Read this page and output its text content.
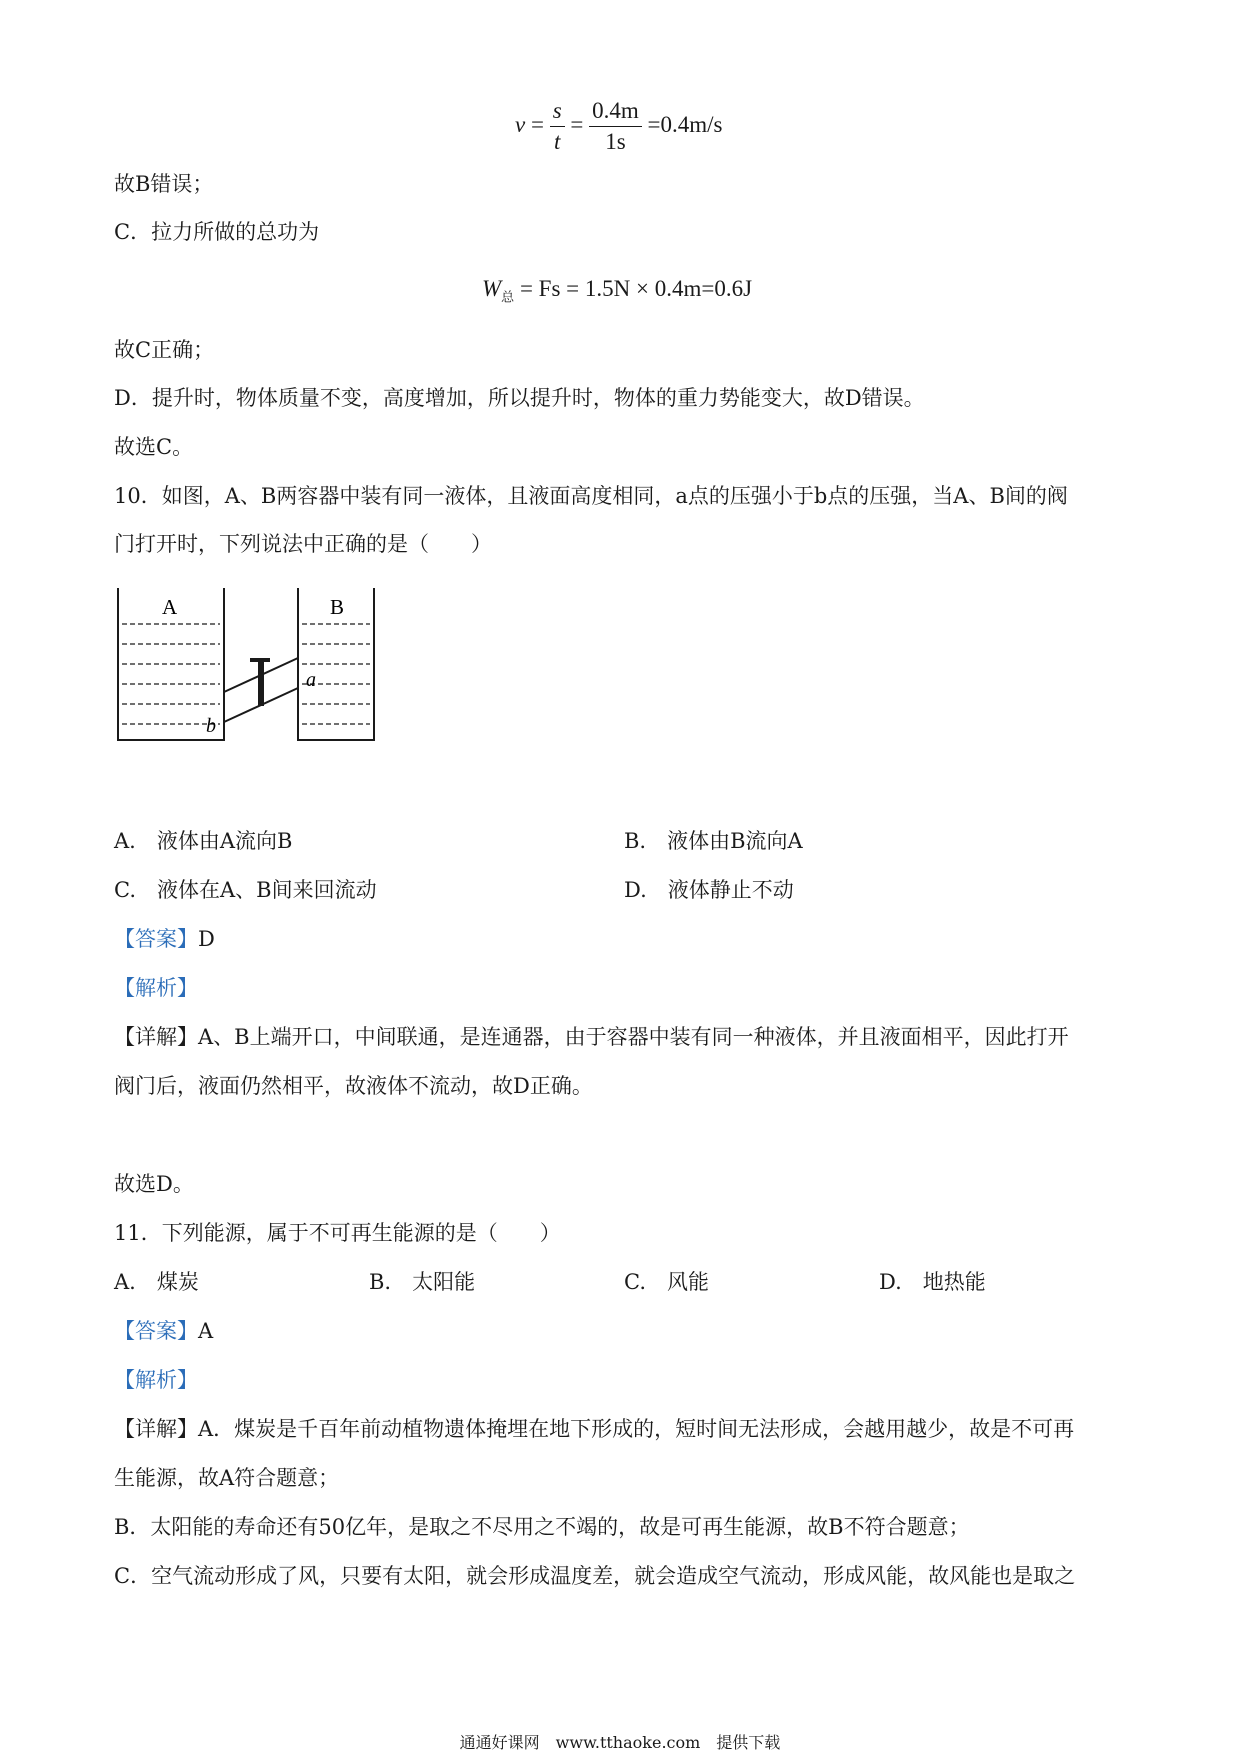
$v = \frac{s}{t} = \frac{0.4m}{1s} =0.4m/s$
故B错误；
C．拉力所做的总功为
$W_总 = Fs = 1.5N \times 0.4m=0.6J$
故C正确；
D．提升时，物体质量不变，高度增加，所以提升时，物体的重力势能变大，故D错误。
故选C。
10．如图，A、B两容器中装有同一液体，且液面高度相同，a点的压强小于b点的压强，当A、B间的阀
门打开时，下列说法中正确的是（　　）
A	B
a
b
A.　液体由A流向B	B.　液体由B流向A
C.　液体在A、B间来回流动	D.　液体静止不动
【答案】D
【解析】
【详解】A、B上端开口，中间联通，是连通器，由于容器中装有同一种液体，并且液面相平，因此打开
阀门后，液面仍然相平，故液体不流动，故D正确。
故选D。
11．下列能源，属于不可再生能源的是（　　）
A.　煤炭	B.　太阳能	C.　风能	D.　地热能
【答案】A
【解析】
【详解】A．煤炭是千百年前动植物遗体掩埋在地下形成的，短时间无法形成，会越用越少，故是不可再
生能源，故A符合题意；
B．太阳能的寿命还有50亿年，是取之不尽用之不竭的，故是可再生能源，故B不符合题意；
C．空气流动形成了风，只要有太阳，就会形成温度差，就会造成空气流动，形成风能，故风能也是取之
通通好课网　www.tthaoke.com　提供下载
